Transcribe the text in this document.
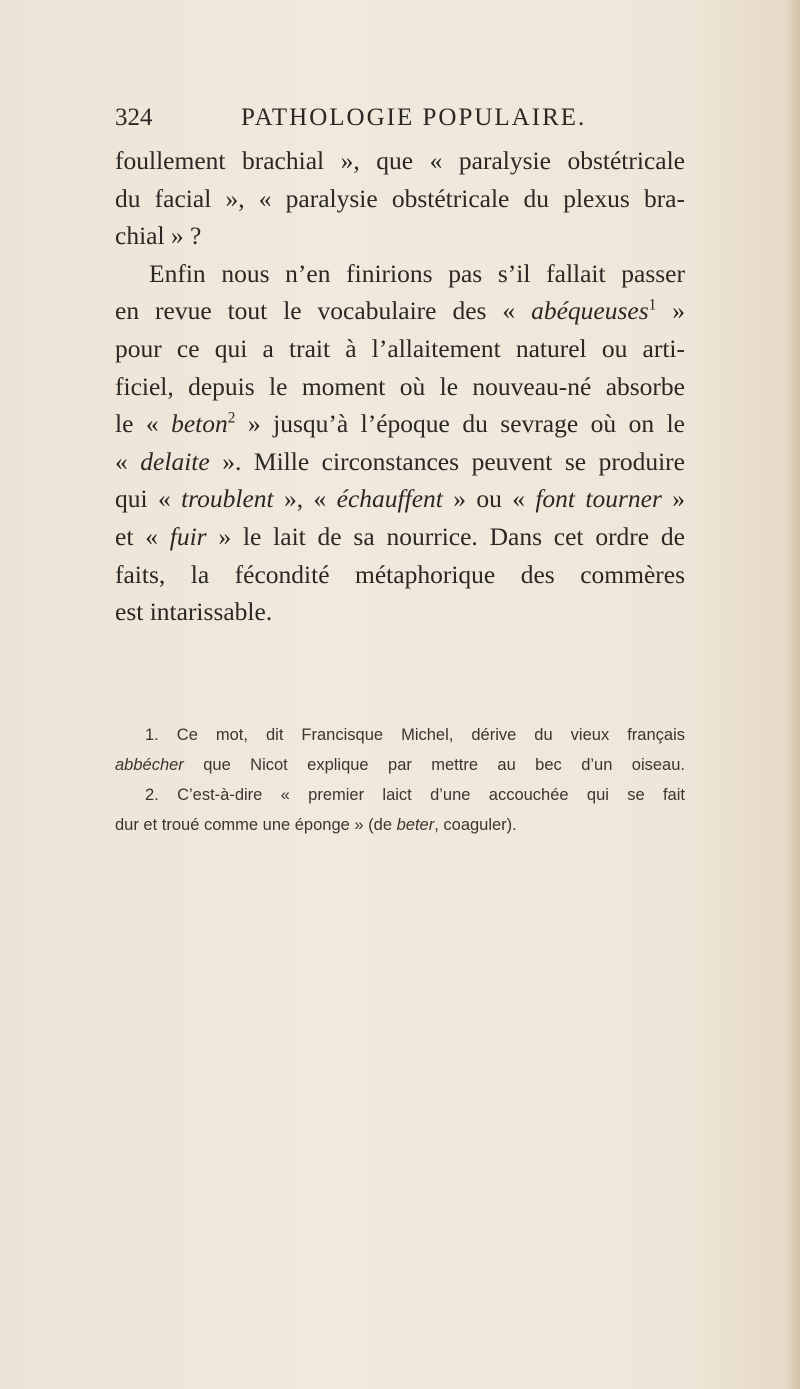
324	PATHOLOGIE POPULAIRE.
foullement brachial », que « paralysie obstétricale
du facial », « paralysie obstétricale du plexus bra-
chial » ?
Enfin nous n’en finirions pas s’il fallait passer
en revue tout le vocabulaire des « abéqueuses$^1$ »
pour ce qui a trait à l’allaitement naturel ou arti-
ficiel, depuis le moment où le nouveau-né absorbe
le « beton$^2$ » jusqu’à l’époque du sevrage où on le
« delaite ». Mille circonstances peuvent se produire
qui « troublent », « échauffent » ou « font tourner »
et « fuir » le lait de sa nourrice. Dans cet ordre de
faits, la fécondité métaphorique des commères
est intarissable.
1. Ce mot, dit Francisque Michel, dérive du vieux français
abbécher que Nicot explique par mettre au bec d’un oiseau.
2. C’est-à-dire « premier laict d’une accouchée qui se fait
dur et troué comme une éponge » (de beter, coaguler).
